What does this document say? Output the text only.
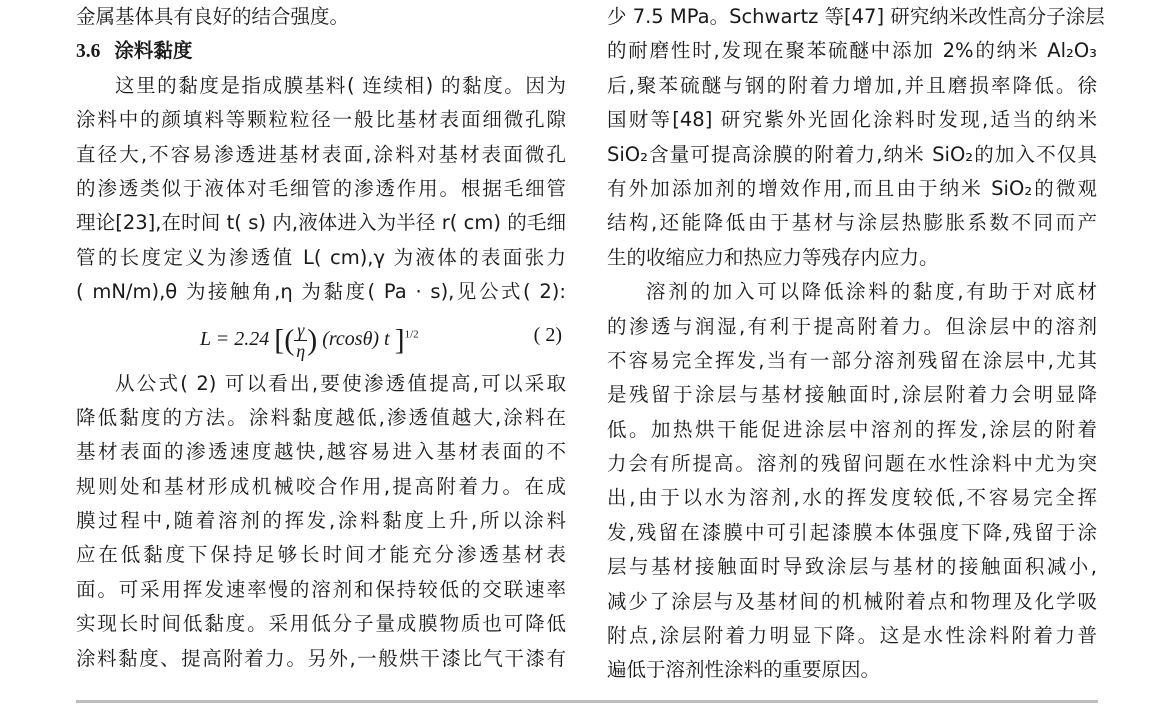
金属基体具有良好的结合强度。
3.6 涂料黏度
这里的黏度是指成膜基料( 连续相) 的黏度。因为
涂料中的颜填料等颗粒粒径一般比基材表面细微孔隙
直径大,不容易渗透进基材表面,涂料对基材表面微孔
的渗透类似于液体对毛细管的渗透作用。根据毛细管
理论[23],在时间 t( s) 内,液体进入为半径 r( cm) 的毛细
管的长度定义为渗透值 L( cm),γ 为液体的表面张力
( mN/m),θ 为接触角,η 为黏度( Pa · s),见公式( 2):
L = 2.24 [( $\frac{\gamma}{\eta}$ ) (rcosθ) t ]$^{1/2}$	( 2)
从公式( 2) 可以看出,要使渗透值提高,可以采取
降低黏度的方法。涂料黏度越低,渗透值越大,涂料在
基材表面的渗透速度越快,越容易进入基材表面的不
规则处和基材形成机械咬合作用,提高附着力。在成
膜过程中,随着溶剂的挥发,涂料黏度上升,所以涂料
应在低黏度下保持足够长时间才能充分渗透基材表
面。可采用挥发速率慢的溶剂和保持较低的交联速率
实现长时间低黏度。采用低分子量成膜物质也可降低
涂料黏度、提高附着力。另外,一般烘干漆比气干漆有
少 7.5 MPa。Schwartz 等[47] 研究纳米改性高分子涂层
的耐磨性时,发现在聚苯硫醚中添加 2%的纳米 Al₂O₃
后,聚苯硫醚与钢的附着力增加,并且磨损率降低。徐
国财等[48] 研究紫外光固化涂料时发现,适当的纳米
SiO₂含量可提高涂膜的附着力,纳米 SiO₂的加入不仅具
有外加添加剂的增效作用,而且由于纳米 SiO₂的微观
结构,还能降低由于基材与涂层热膨胀系数不同而产
生的收缩应力和热应力等残存内应力。
溶剂的加入可以降低涂料的黏度,有助于对底材
的渗透与润湿,有利于提高附着力。但涂层中的溶剂
不容易完全挥发,当有一部分溶剂残留在涂层中,尤其
是残留于涂层与基材接触面时,涂层附着力会明显降
低。加热烘干能促进涂层中溶剂的挥发,涂层的附着
力会有所提高。溶剂的残留问题在水性涂料中尤为突
出,由于以水为溶剂,水的挥发度较低,不容易完全挥
发,残留在漆膜中可引起漆膜本体强度下降,残留于涂
层与基材接触面时导致涂层与基材的接触面积减小,
减少了涂层与及基材间的机械附着点和物理及化学吸
附点,涂层附着力明显下降。这是水性涂料附着力普
遍低于溶剂性涂料的重要原因。
